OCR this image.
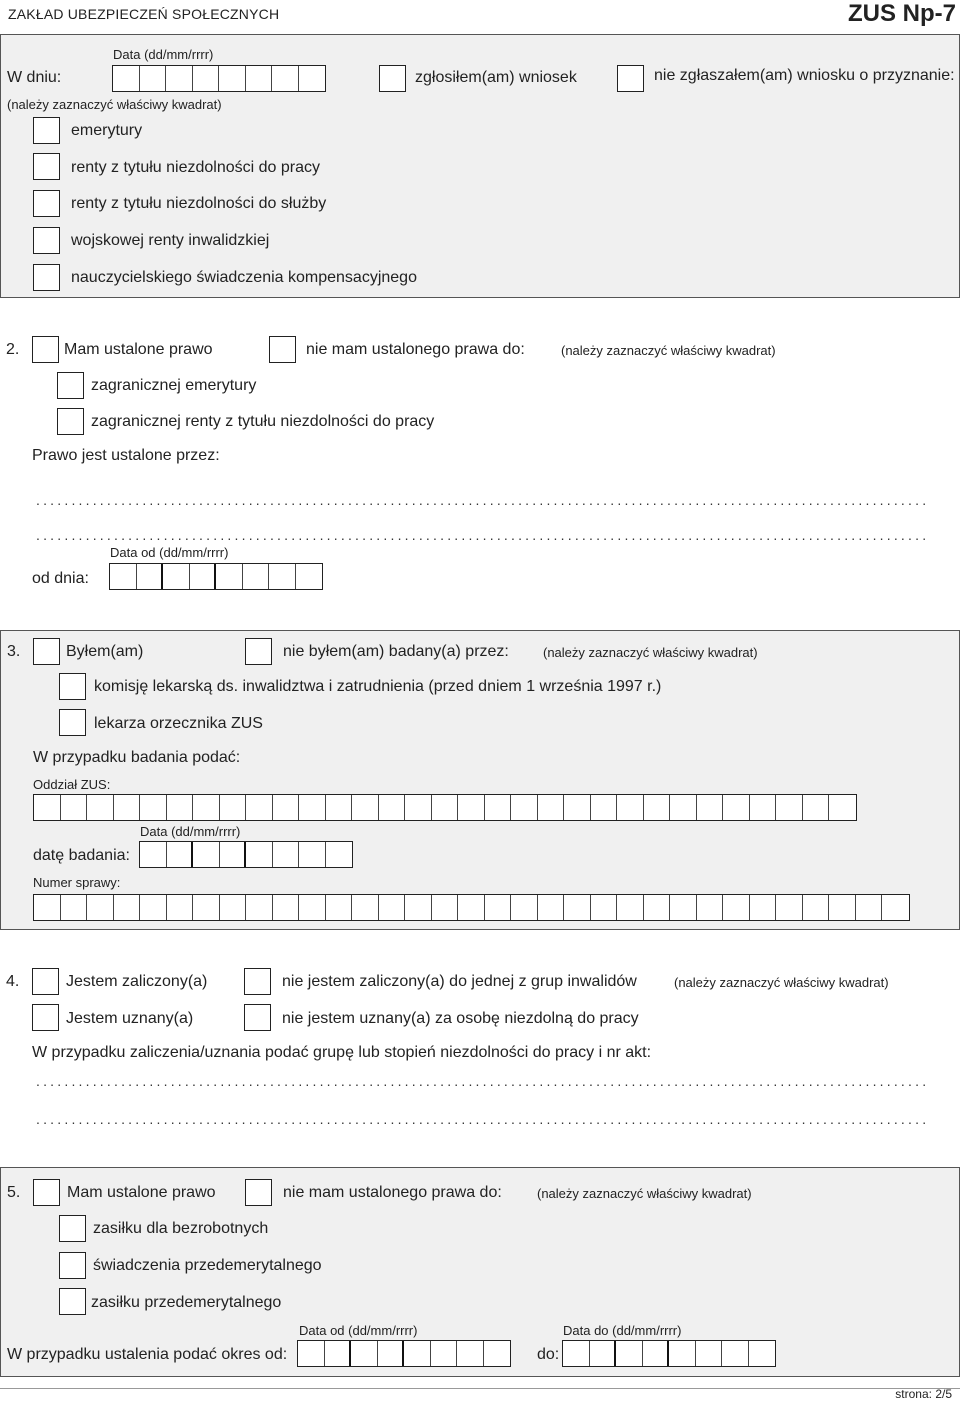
ZAKŁAD UBEZPIECZEŃ SPOŁECZNYCH	ZUS Np-7
Data (dd/mm/rrrr)
W dniu:	zgłosiłem(am) wniosek	nie zgłaszałem(am) wniosku o przyznanie:
(należy zaznaczyć właściwy kwadrat)
emerytury
renty z tytułu niezdolności do pracy
renty z tytułu niezdolności do służby
wojskowej renty inwalidzkiej
nauczycielskiego świadczenia kompensacyjnego
2.	Mam ustalone prawo	nie mam ustalonego prawa do:	(należy zaznaczyć właściwy kwadrat)
zagranicznej emerytury
zagranicznej renty z tytułu niezdolności do pracy
Prawo jest ustalone przez:
..............................................................................................................................
..............................................................................................................................
Data od (dd/mm/rrrr)
od dnia:
3.	Byłem(am)	nie byłem(am) badany(a) przez:	(należy zaznaczyć właściwy kwadrat)
komisję lekarską ds. inwalidztwa i zatrudnienia (przed dniem 1 września 1997 r.)
lekarza orzecznika ZUS
W przypadku badania podać:
Oddział ZUS:
Data (dd/mm/rrrr)
datę badania:
Numer sprawy:
4.	Jestem zaliczony(a)	nie jestem zaliczony(a) do jednej z grup inwalidów	(należy zaznaczyć właściwy kwadrat)
Jestem uznany(a)	nie jestem uznany(a) za osobę niezdolną do pracy
W przypadku zaliczenia/uznania podać grupę lub stopień niezdolności do pracy i nr akt:
..............................................................................................................................
..............................................................................................................................
5.	Mam ustalone prawo	nie mam ustalonego prawa do:	(należy zaznaczyć właściwy kwadrat)
zasiłku dla bezrobotnych
świadczenia przedemerytalnego
zasiłku przedemerytalnego
Data od (dd/mm/rrrr)	Data do (dd/mm/rrrr)
W przypadku ustalenia podać okres od:	do:
strona: 2/5
